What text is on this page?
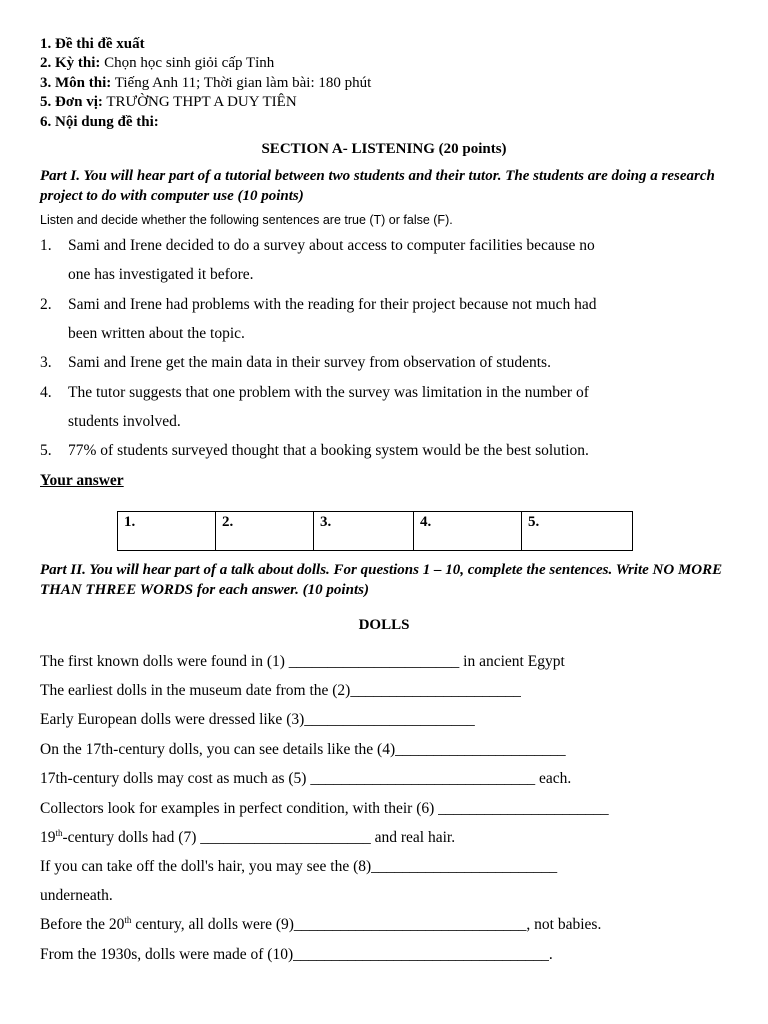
1. Đề thi đề xuất
2. Kỳ thi: Chọn học sinh giỏi cấp Tỉnh
3. Môn thi: Tiếng Anh 11; Thời gian làm bài: 180 phút
5. Đơn vị: TRƯỜNG THPT A DUY TIÊN
6. Nội dung đề thi:
SECTION A- LISTENING (20 points)
Part I. You will hear part of a tutorial between two students and their tutor. The students are doing a research project to do with computer use (10 points)
Listen and decide whether the following sentences are true (T) or false (F).
1. Sami and Irene decided to do a survey about access to computer facilities because no
one has investigated it before.
2. Sami and Irene had problems with the reading for their project because not much had
been written about the topic.
3. Sami and Irene get the main data in their survey from observation of students.
4. The tutor suggests that one problem with the survey was limitation in the number of
students involved.
5. 77% of students surveyed thought that a booking system would be the best solution.
Your answer
1.	2.	3.	4.	5.
Part II. You will hear part of a talk about dolls. For questions 1 – 10, complete the sentences. Write NO MORE THAN THREE WORDS for each answer. (10 points)
DOLLS
The first known dolls were found in (1) ______________________ in ancient Egypt
The earliest dolls in the museum date from the (2)______________________
Early European dolls were dressed like (3)______________________
On the 17th-century dolls, you can see details like the (4)______________________
17th-century dolls may cost as much as (5) _____________________________ each.
Collectors look for examples in perfect condition, with their (6) ______________________
19th-century dolls had (7) ______________________ and real hair.
If you can take off the doll's hair, you may see the (8)________________________
underneath.
Before the 20th century, all dolls were (9)______________________________, not babies.
From the 1930s, dolls were made of (10)_________________________________.
